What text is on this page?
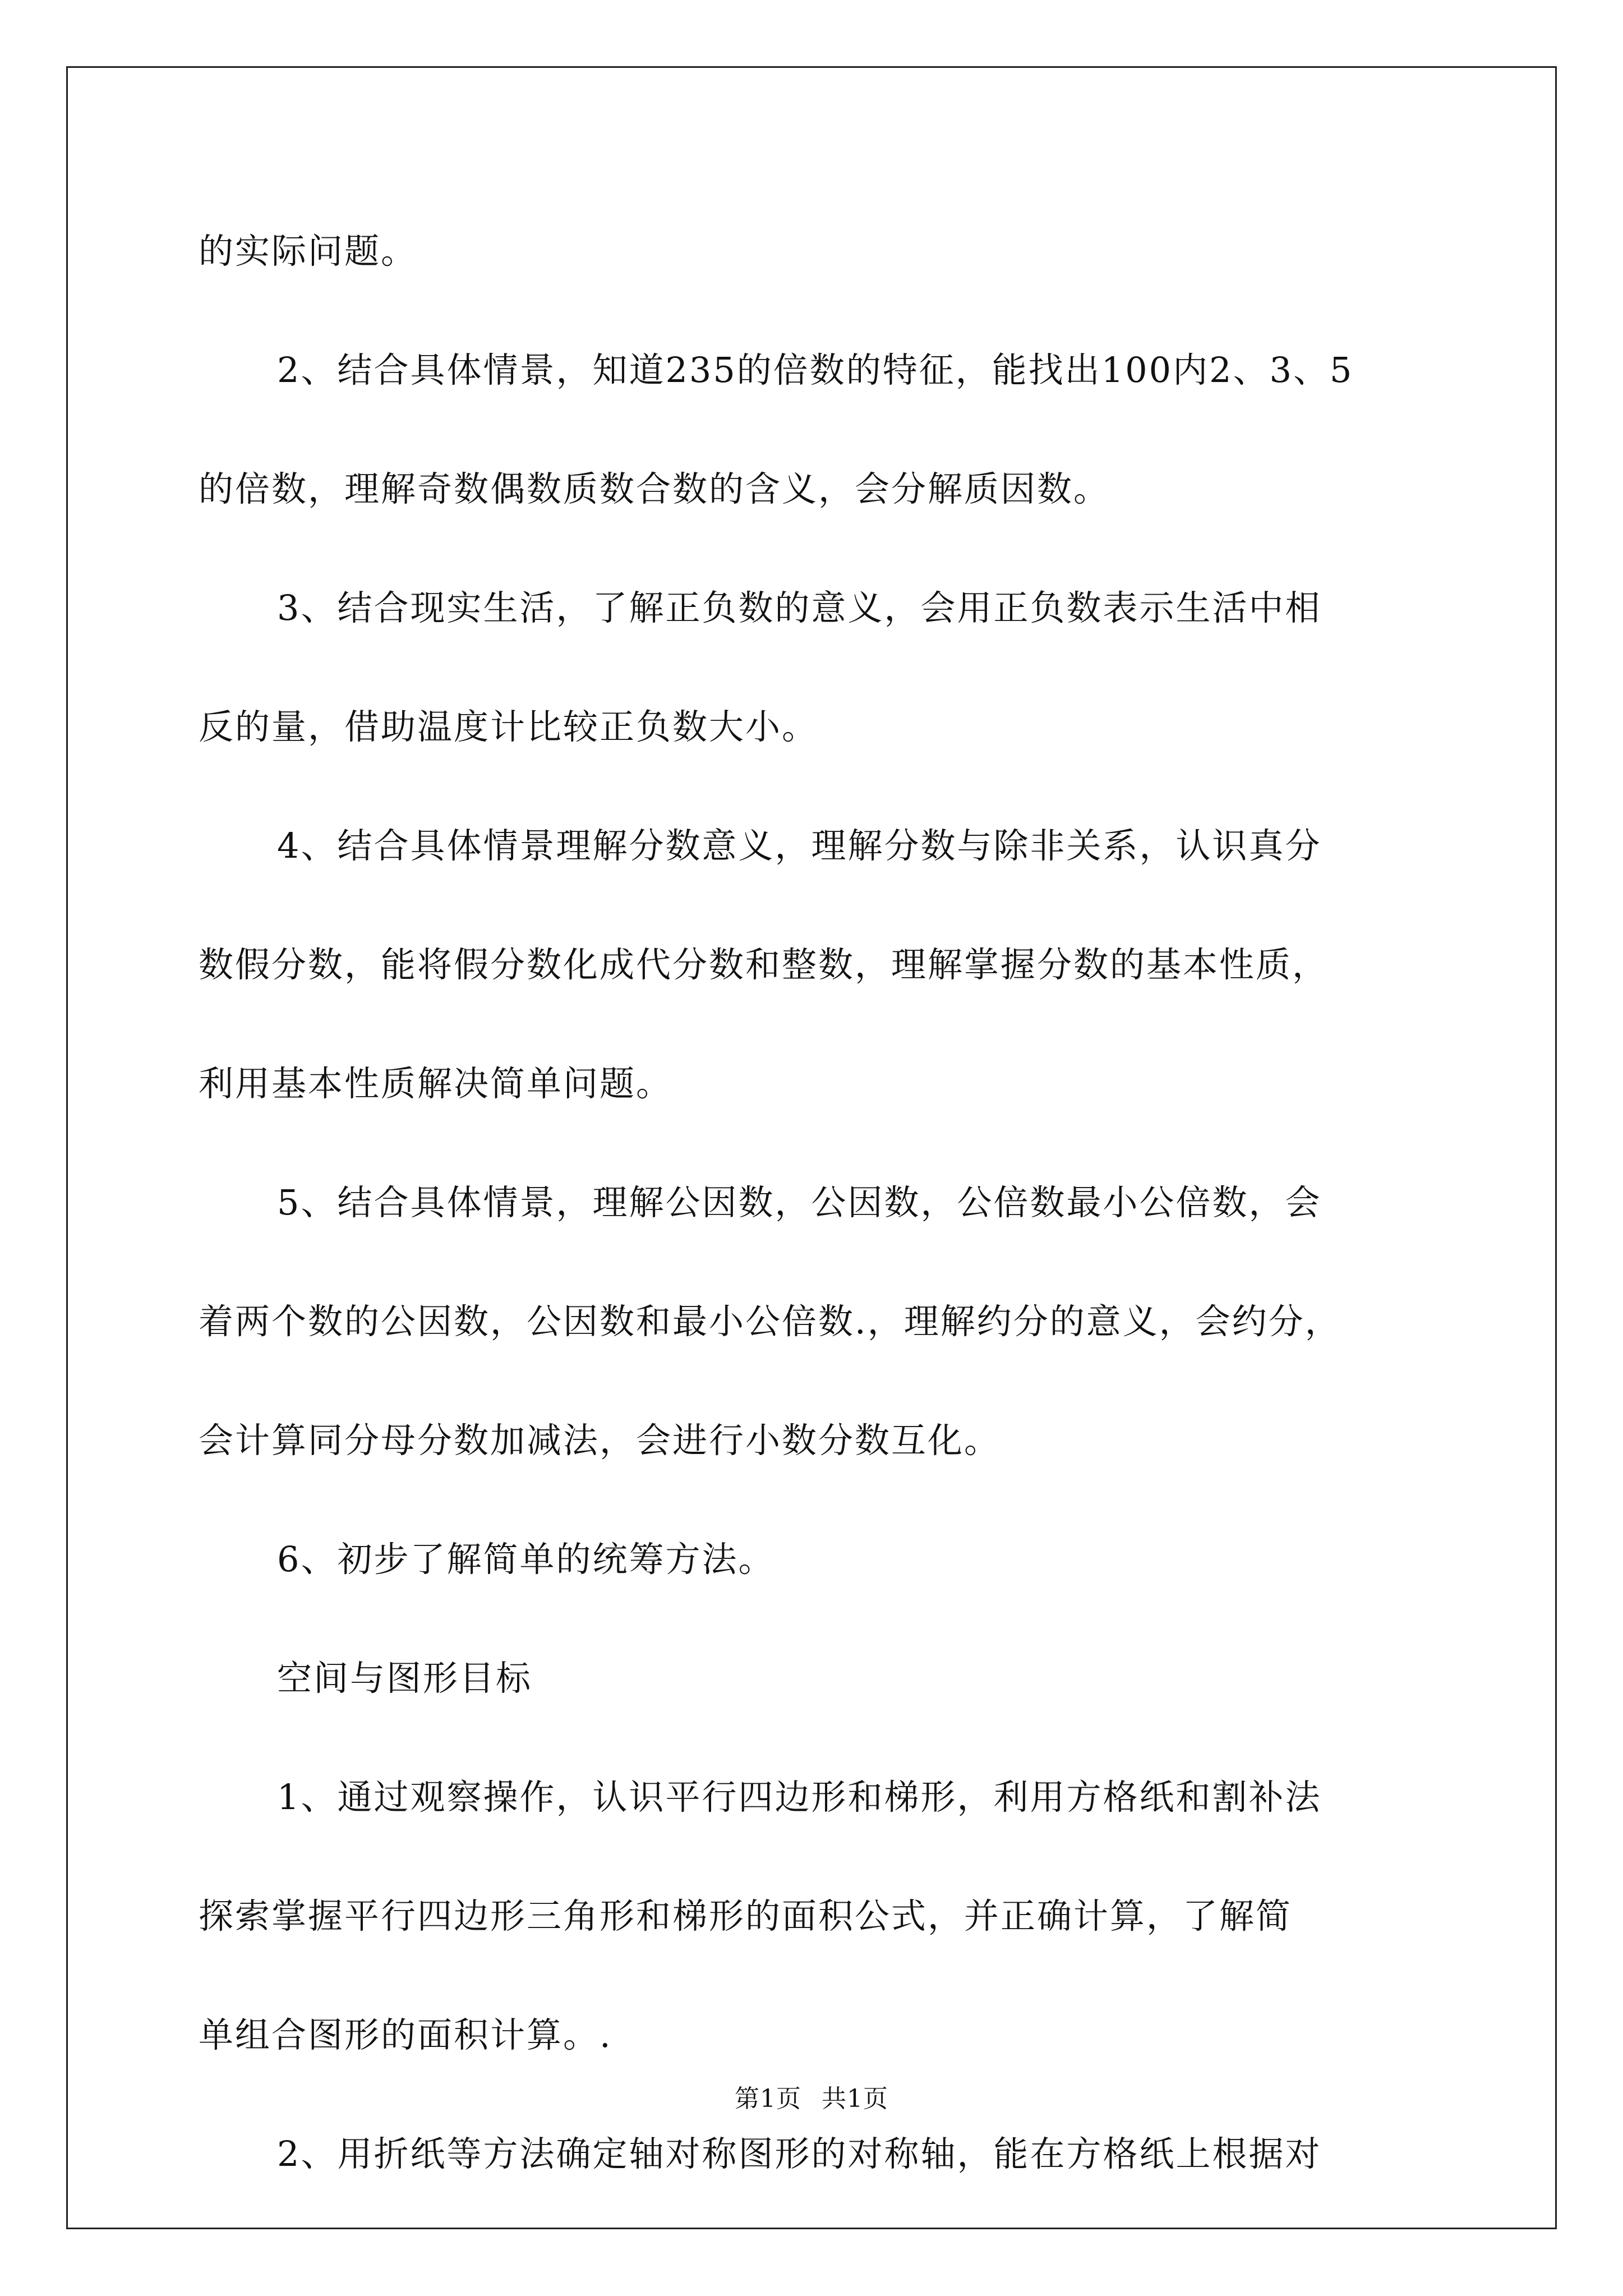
的实际问题。
2、结合具体情景，知道235的倍数的特征，能找出100内2、3、5
的倍数，理解奇数偶数质数合数的含义，会分解质因数。
3、结合现实生活，了解正负数的意义，会用正负数表示生活中相
反的量，借助温度计比较正负数大小。
4、结合具体情景理解分数意义，理解分数与除非关系，认识真分
数假分数，能将假分数化成代分数和整数，理解掌握分数的基本性质，
利用基本性质解决简单问题。
5、结合具体情景，理解公因数，公因数，公倍数最小公倍数，会
着两个数的公因数，公因数和最小公倍数.，理解约分的意义，会约分，
会计算同分母分数加减法，会进行小数分数互化。
6、初步了解简单的统筹方法。
空间与图形目标
1、通过观察操作，认识平行四边形和梯形，利用方格纸和割补法
探索掌握平行四边形三角形和梯形的面积公式，并正确计算，了解简
单组合图形的面积计算。.
2、用折纸等方法确定轴对称图形的对称轴，能在方格纸上根据对
第1页 共1页
